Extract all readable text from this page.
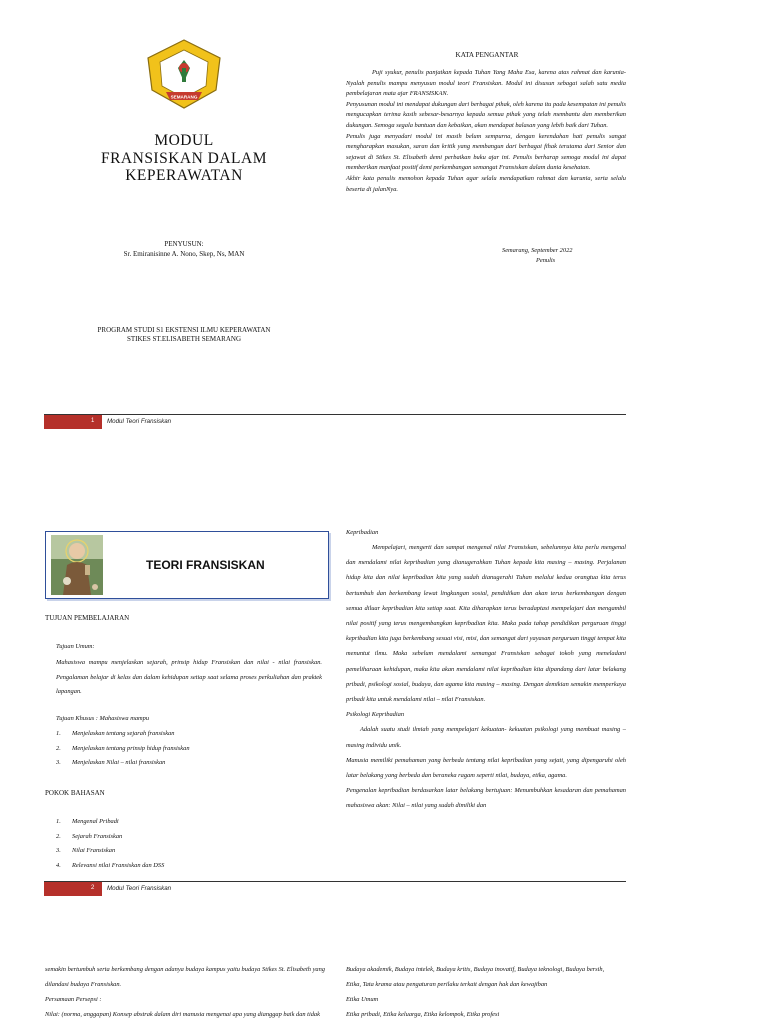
SEMARANG
MODUL
FRANSISKAN DALAM
KEPERAWATAN
PENYUSUN:
Sr. Emiranisinne A. Nono, Skep, Ns, MAN
PROGRAM STUDI S1 EKSTENSI ILMU KEPERAWATAN
STIKES ST.ELISABETH SEMARANG
KATA PENGANTAR

Puji syukur, penulis panjatkan kepada Tuhan Yang Maha Esa, karena atas rahmat dan karunia-Nyalah penulis mampu menyusun modul teori Fransiskan. Modul ini disusun sebagai salah satu media pembelajaran mata ajar FRANSISKAN.

Penyusunan modul ini mendapat dukungan dari berbagai pihak, oleh karena itu pada kesempatan ini penulis mengucapkan terima kasih sebesar-besarnya kepada semua pihak yang telah membantu dan memberikan dukungan. Semoga segala bantuan dan kebaikan, akan mendapat balasan yang lebih baik dari Tuhan.

Penulis juga menyadari modul ini masih belum sempurna, dengan kerendahan hati penulis sangat mengharapkan masukan, saran dan kritik yang membangun dari berbagai fihak terutama dari Senior dan sejawat di Stikes St. Elisabeth demi perbaikan buku ajar ini. Penulis berharap semoga modul ini dapat memberikan manfaat positif demi perkembangan semangat Fransiskan dalam dunia kesehatan.

Akhir kata penulis memohon kepada Tuhan agar selalu mendapatkan rahmat dan karunia, serta selalu beserta di jalanNya.

Semarang, September 2022
Penulis
1 Modul Teori Fransiskan
TEORI FRANSISKAN
TUJUAN PEMBELAJARAN
Tujuan Umum:
Mahasiswa mampu menjelaskan sejarah, prinsip hidup Fransiskan dan nilai - nilai fransiskan. Pengalaman belajar di kelas dan dalam kehidupan setiap saat selama proses perkuliahan dan praktek lapangan.
Tujuan Khusus : Mahasiswa mampu
1. Menjelaskan tentang sejarah fransiskan
2. Menjelaskan tentang prinsip hidup fransiskan
3. Menjelaskan Nilai – nilai fransiskan
POKOK BAHASAN
1. Mengenal Pribadi
2. Sejarah Fransiskan
3. Nilai Fransiskan
4. Relevansi nilai Fransiskan dan DSS
Kepribadian

Mempelajari, mengerti dan sampai mengenal nilai Fransiskan, sebelumnya kita perlu mengenal dan mendalami nilai kepribadian yang dianugerahkan Tuhan kepada kita masing – masing. Perjalanan hidup kita dan nilai kepribadian kita yang sudah dianugerahi Tuhan melalui kedua orangtua kita terus bertumbuh dan berkembang lewat lingkungan sosial, pendidikan dan akan terus berkembangan dengan semua diluar kepribadian kita setiap saat. Kita diharapkan terus beradaptasi mempelajari dan mengambil nilai positif yang terus mengembangkan kepribadian kita. Maka pada tahap pendidikan perguruan tinggi kepribadian kita juga berkembang sesuai visi, misi, dan semangat dari yayasan perguruan tinggi tempat kita menuntut ilmu. Maka sebelum mendalami semangat Fransiskan sebagai tokoh yang meneladani pemeliharaan kehidupan, maka kita akan mendalami nilai kepribadian kita dipandang dari latar belakang pribadi, psikologi sosial, budaya, dan agama kita masing – masing. Dengan demikian semakin memperkaya pribadi kita untuk mendalami nilai – nilai Fransiskan.

Psikologi Kepribadian

Adalah suatu studi ilmiah yang mempelajari kekuatan- kekuatan psikologi yang membuat masing – masing individu unik.

Manusia memiliki pemahaman yang berbeda tentang nilai kepribadian yang sejati, yang dipengaruhi oleh latar belakang yang berbeda dan beraneka ragam seperti nilai, budaya, etika, agama.

Pengenalan kepribadian berdasarkan latar belakang bertujuan: Menumbuhkan kesadaran dan pemahaman mahasiswa akan: Nilai – nilai yang sudah dimiliki dan

2 Modul Teori Fransiskan

semakin bertumbuh serta berkembang dengan adanya budaya kampus yaitu budaya Stikes St. Elisabeth yang dilandasi budaya Fransiskan.

Persamaan Persepsi :

Nilai: (norma, anggapan) Konsep abstrak dalam diri manusia mengenai apa yang dianggap baik dan tidak

Budaya akademik, Budaya intelek, Budaya kritis, Budaya inovatif, Budaya teknologi, Budaya bersih,

Etika, Tata krama atau pengaturan perilaku terkait dengan hak dan kewajiban

Etika Umum

Etika pribadi, Etika keluarga, Etika kelompok, Etika profesi
